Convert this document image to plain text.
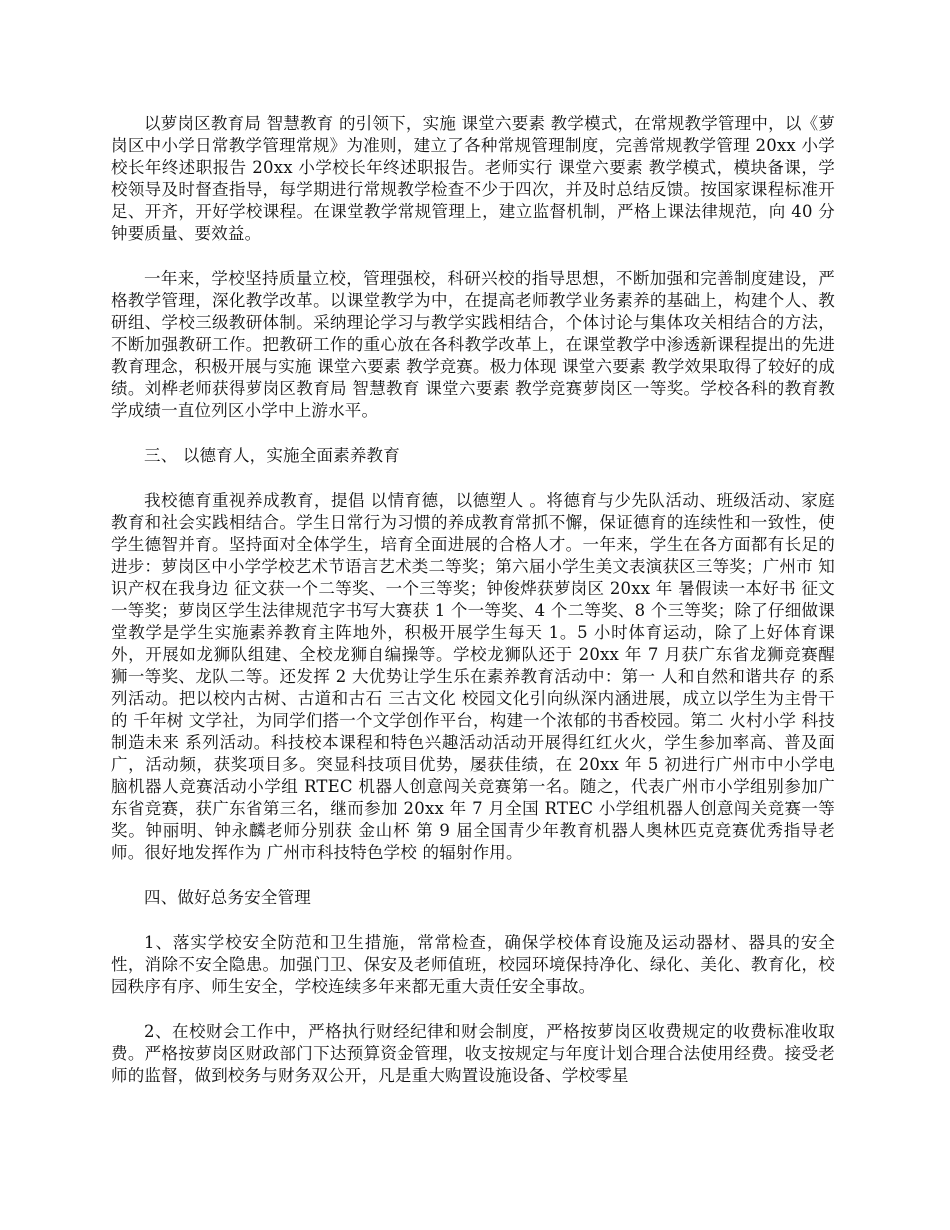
以萝岗区教育局 智慧教育 的引领下，实施 课堂六要素 教学模式，在常规教学管理中，以《萝岗区中小学日常教学管理常规》为准则，建立了各种常规管理制度，完善常规教学管理 20xx 小学校长年终述职报告 20xx 小学校长年终述职报告。老师实行 课堂六要素 教学模式，模块备课，学校领导及时督查指导，每学期进行常规教学检查不少于四次，并及时总结反馈。按国家课程标准开足、开齐，开好学校课程。在课堂教学常规管理上，建立监督机制，严格上课法律规范，向 40 分钟要质量、要效益。

一年来，学校坚持质量立校，管理强校，科研兴校的指导思想，不断加强和完善制度建设，严格教学管理，深化教学改革。以课堂教学为中，在提高老师教学业务素养的基础上，构建个人、教研组、学校三级教研体制。采纳理论学习与教学实践相结合，个体讨论与集体攻关相结合的方法，不断加强教研工作。把教研工作的重心放在各科教学改革上，在课堂教学中渗透新课程提出的先进教育理念，积极开展与实施 课堂六要素 教学竞赛。极力体现 课堂六要素 教学效果取得了较好的成绩。刘桦老师获得萝岗区教育局 智慧教育 课堂六要素 教学竞赛萝岗区一等奖。学校各科的教育教学成绩一直位列区小学中上游水平。

三、 以德育人，实施全面素养教育

我校德育重视养成教育，提倡 以情育德，以德塑人 。将德育与少先队活动、班级活动、家庭教育和社会实践相结合。学生日常行为习惯的养成教育常抓不懈，保证德育的连续性和一致性，使学生德智并育。坚持面对全体学生，培育全面进展的合格人才。一年来，学生在各方面都有长足的进步：萝岗区中小学学校艺术节语言艺术类二等奖；第六届小学生美文表演获区三等奖；广州市 知识产权在我身边 征文获一个二等奖、一个三等奖；钟俊烨获萝岗区 20xx 年 暑假读一本好书 征文一等奖；萝岗区学生法律规范字书写大赛获 1 个一等奖、4 个二等奖、8 个三等奖；除了仔细做课堂教学是学生实施素养教育主阵地外，积极开展学生每天 1。5 小时体育运动，除了上好体育课外，开展如龙狮队组建、全校龙狮自编操等。学校龙狮队还于 20xx 年 7 月获广东省龙狮竞赛醒狮一等奖、龙队二等。还发挥 2 大优势让学生乐在素养教育活动中：第一 人和自然和谐共存 的系列活动。把以校内古树、古道和古石 三古文化 校园文化引向纵深内涵进展，成立以学生为主骨干的 千年树 文学社，为同学们搭一个文学创作平台，构建一个浓郁的书香校园。第二 火村小学 科技制造未来 系列活动。科技校本课程和特色兴趣活动活动开展得红红火火，学生参加率高、普及面广，活动频，获奖项目多。突显科技项目优势，屡获佳绩，在 20xx 年 5 初进行广州市中小学电脑机器人竞赛活动小学组 RTEC 机器人创意闯关竞赛第一名。随之，代表广州市小学组别参加广东省竞赛，获广东省第三名，继而参加 20xx 年 7 月全国 RTEC 小学组机器人创意闯关竞赛一等奖。钟丽明、钟永麟老师分别获 金山杯 第 9 届全国青少年教育机器人奥林匹克竞赛优秀指导老师。很好地发挥作为 广州市科技特色学校 的辐射作用。

四、做好总务安全管理

1、落实学校安全防范和卫生措施，常常检查，确保学校体育设施及运动器材、器具的安全性，消除不安全隐患。加强门卫、保安及老师值班，校园环境保持净化、绿化、美化、教育化，校园秩序有序、师生安全，学校连续多年来都无重大责任安全事故。

2、在校财会工作中，严格执行财经纪律和财会制度，严格按萝岗区收费规定的收费标准收取费。严格按萝岗区财政部门下达预算资金管理，收支按规定与年度计划合理合法使用经费。接受老师的监督，做到校务与财务双公开，凡是重大购置设施设备、学校零星
